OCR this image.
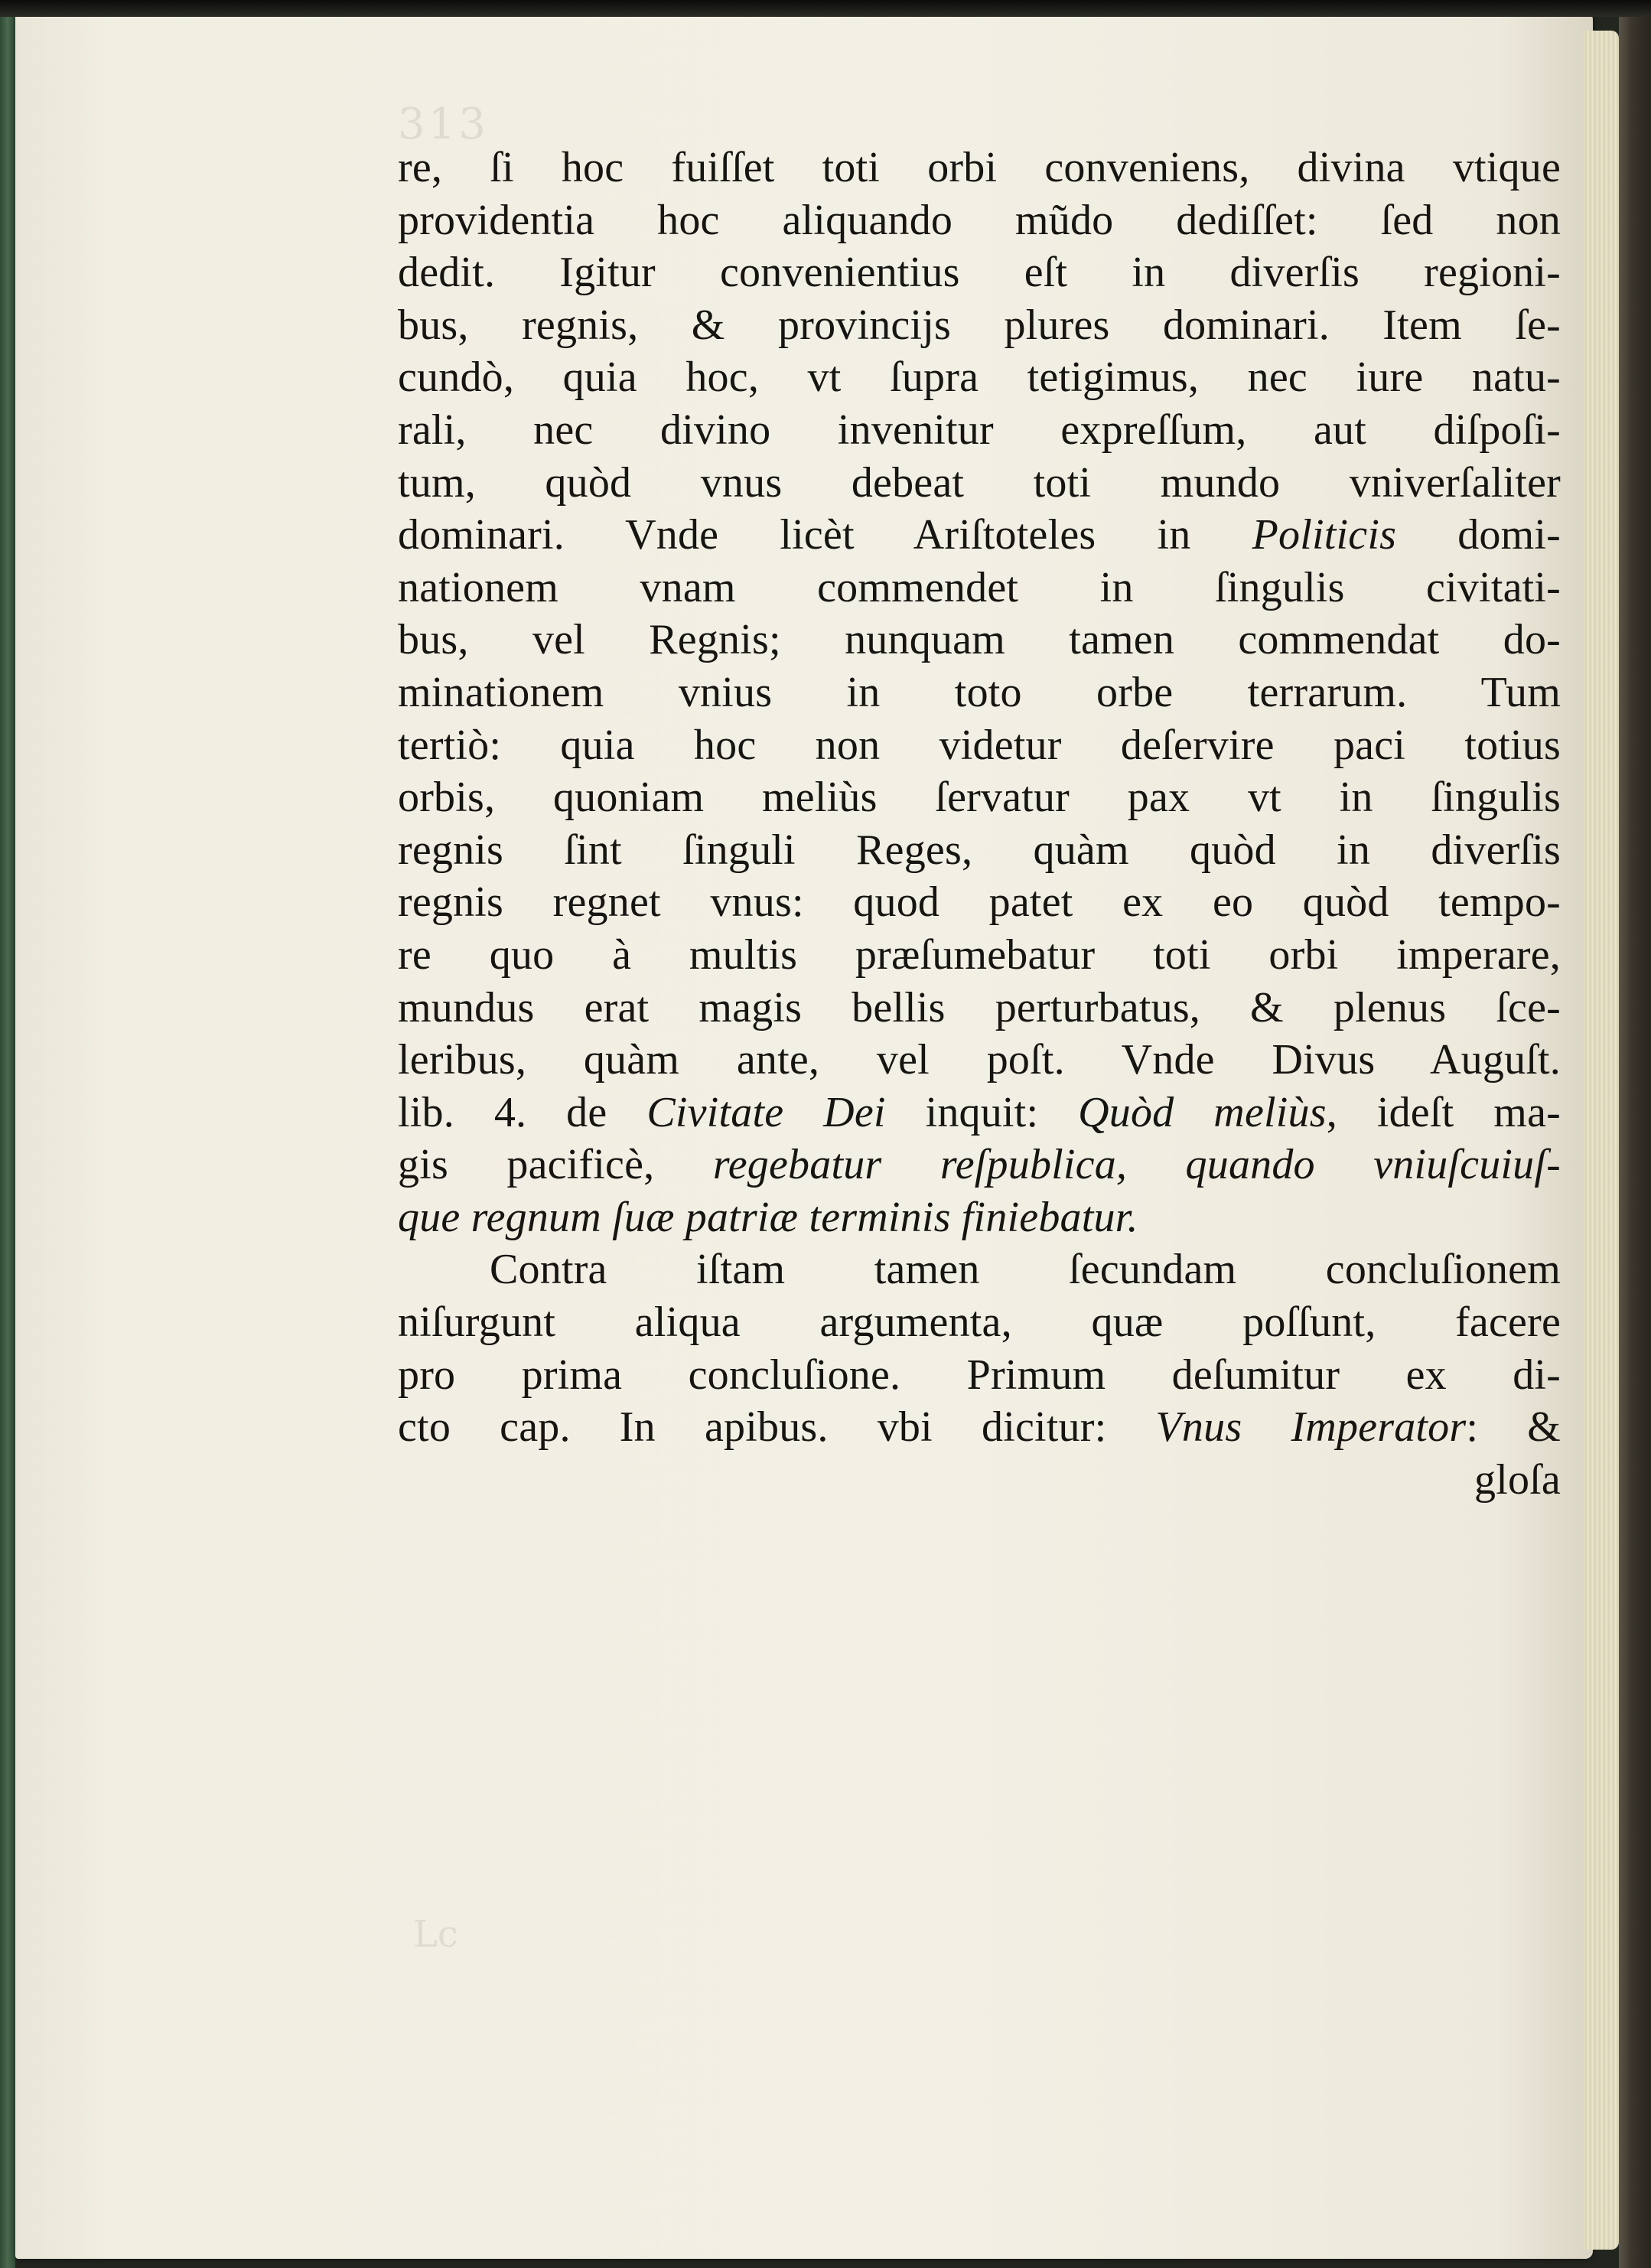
313
Lc
re, ſi hoc fuiſſet toti orbi conveniens, divina vtique
providentia hoc aliquando mũdo dediſſet: ſed non
dedit. Igitur convenientius eſt in diverſis regioni-
bus, regnis, & provincijs plures dominari. Item ſe-
cundò, quia hoc, vt ſupra tetigimus, nec iure natu-
rali, nec divino invenitur expreſſum, aut diſpoſi-
tum, quòd vnus debeat toti mundo vniverſaliter
dominari. Vnde licèt Ariſtoteles in Politicis domi-
nationem vnam commendet in ſingulis civitati-
bus, vel Regnis; nunquam tamen commendat do-
minationem vnius in toto orbe terrarum. Tum
tertiò: quia hoc non videtur deſervire paci totius
orbis, quoniam meliùs ſervatur pax vt in ſingulis
regnis ſint ſinguli Reges, quàm quòd in diverſis
regnis regnet vnus: quod patet ex eo quòd tempo-
re quo à multis præſumebatur toti orbi imperare,
mundus erat magis bellis perturbatus, & plenus ſce-
leribus, quàm ante, vel poſt. Vnde Divus Auguſt.
lib. 4. de Civitate Dei inquit: Quòd meliùs, ideſt ma-
gis pacificè, regebatur reſpublica, quando vniuſcuiuſ-
que regnum ſuæ patriæ terminis finiebatur.
Contra iſtam tamen ſecundam concluſionem
niſurgunt aliqua argumenta, quæ poſſunt, facere
pro prima concluſione. Primum deſumitur ex di-
cto cap. In apibus. vbi dicitur: Vnus Imperator: &
gloſa
